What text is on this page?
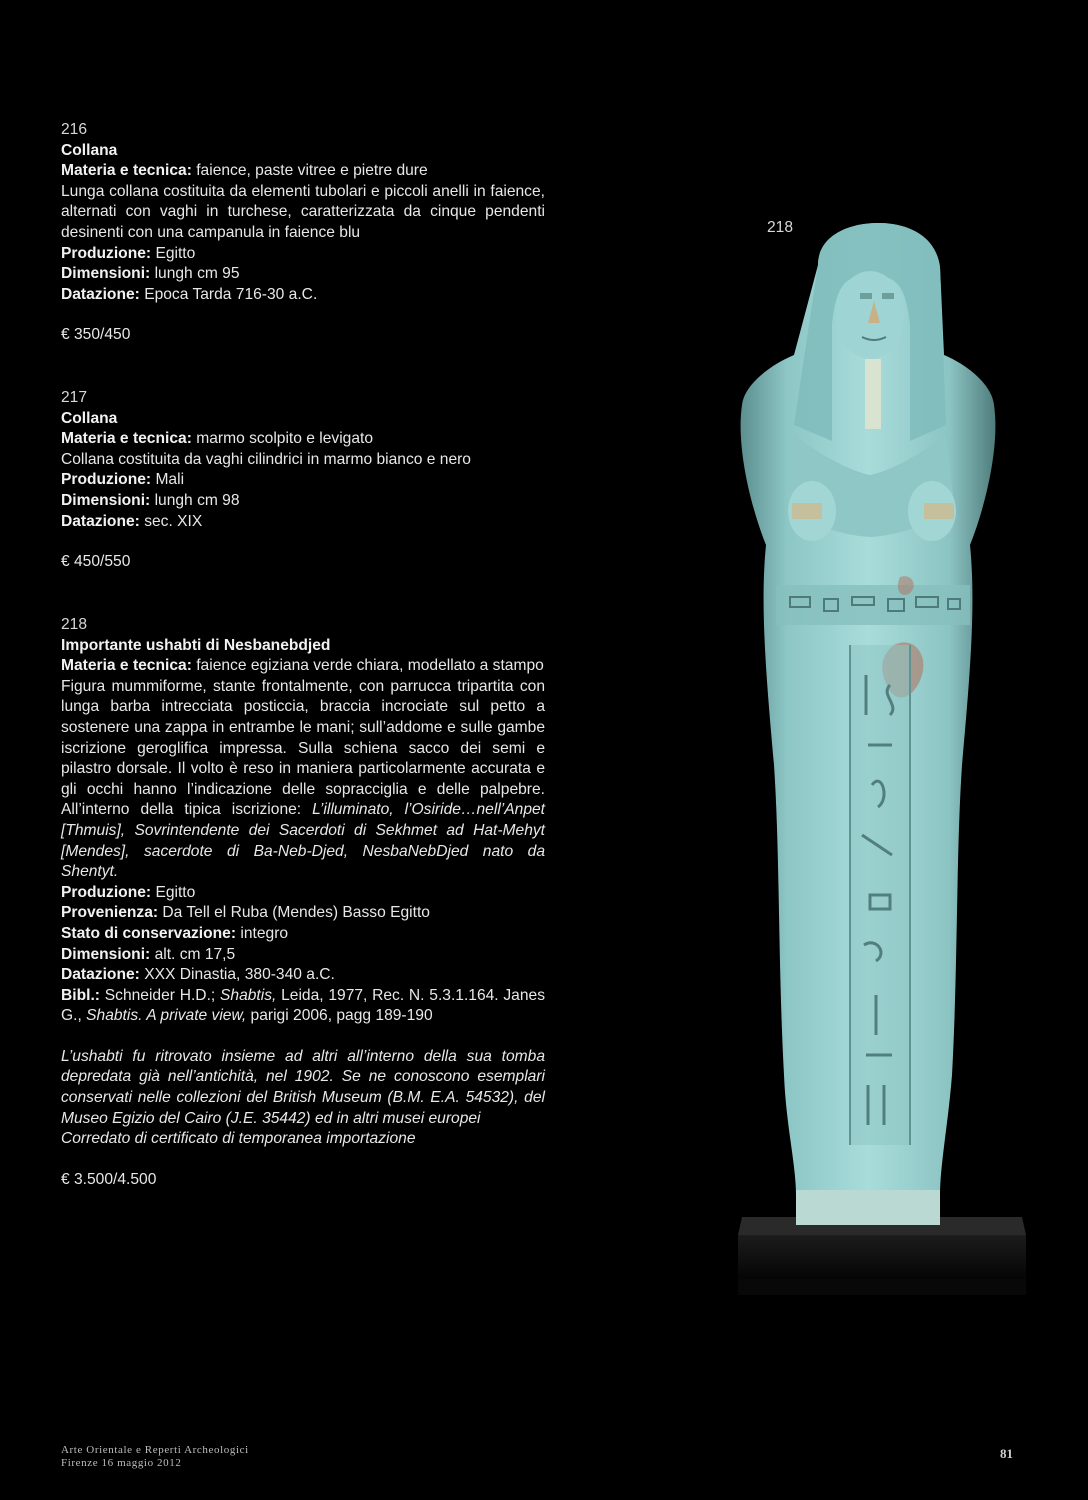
216

Collana

Materia e tecnica: faience, paste vitree e pietre dure

Lunga collana costituita da elementi tubolari e piccoli anelli in faience, alternati con vaghi in turchese, caratterizzata da cinque pendenti desinenti con una campanula in faience blu

Produzione: Egitto

Dimensioni: lungh cm 95

Datazione: Epoca Tarda 716-30 a.C.

€ 350/450

217

Collana

Materia e tecnica: marmo scolpito e levigato

Collana costituita da vaghi cilindrici in marmo bianco e nero

Produzione: Mali

Dimensioni: lungh cm 98

Datazione: sec. XIX

€ 450/550

218

Importante ushabti di Nesbanebdjed

Materia e tecnica: faience egiziana verde chiara, modellato a stampo

Figura mummiforme, stante frontalmente, con parrucca tripartita con lunga barba intrecciata posticcia, braccia incrociate sul petto a sostenere una zappa in entrambe le mani; sull’addome e sulle gambe iscrizione geroglifica impressa. Sulla schiena sacco dei semi e pilastro dorsale. Il volto è reso in maniera particolarmente accurata e gli occhi hanno l’indicazione delle sopracciglia e delle palpebre. All’interno della tipica iscrizione: L’illuminato, l’Osiride…nell’Anpet [Thmuis], Sovrintendente dei Sacerdoti di Sekhmet ad Hat-Mehyt [Mendes], sacerdote di Ba-Neb-Djed, NesbaNebDjed nato da Shentyt.

Produzione: Egitto

Provenienza: Da Tell el Ruba (Mendes) Basso Egitto

Stato di conservazione: integro

Dimensioni: alt. cm 17,5

Datazione: XXX Dinastia, 380-340 a.C.

Bibl.: Schneider H.D.; Shabtis, Leida, 1977, Rec. N. 5.3.1.164. Janes G., Shabtis. A private view, parigi 2006, pagg 189-190

L’ushabti fu ritrovato insieme ad altri all’interno della sua tomba depredata già nell’antichità, nel 1902. Se ne conoscono esemplari conservati nelle collezioni del British Museum (B.M. E.A. 54532), del Museo Egizio del Cairo (J.E. 35442) ed in altri musei europei

Corredato di certificato di temporanea importazione

€ 3.500/4.500

218
Arte Orientale e Reperti Archeologici
Firenze 16 maggio 2012
81
